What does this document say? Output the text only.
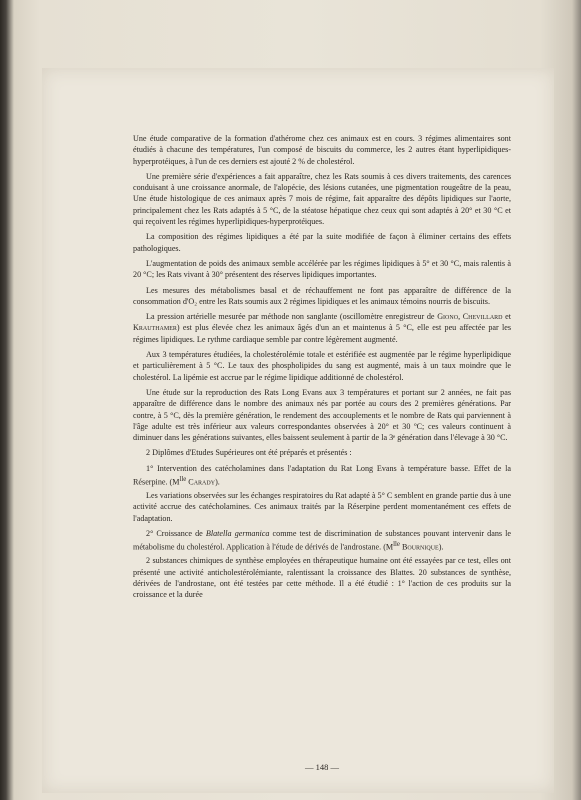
Une étude comparative de la formation d'athérome chez ces animaux est en cours. 3 régimes alimentaires sont étudiés à chacune des températures, l'un composé de biscuits du commerce, les 2 autres étant hyperlipidiques-hyperprotéiques, à l'un de ces derniers est ajouté 2 % de cholestérol.

Une première série d'expériences a fait apparaître, chez les Rats soumis à ces divers traitements, des carences conduisant à une croissance anormale, de l'alopécie, des lésions cutanées, une pigmentation rougeâtre de la peau, Une étude histologique de ces animaux après 7 mois de régime, fait apparaître des dépôts lipidiques sur l'aorte, principalement chez les Rats adaptés à 5 °C, de la stéatose hépatique chez ceux qui sont adaptés à 20° et 30 °C et qui reçoivent les régimes hyperlipidiques-hyperprotéiques.

La composition des régimes lipidiques a été par la suite modifiée de façon à éliminer certains des effets pathologiques.

L'augmentation de poids des animaux semble accélérée par les régimes lipidiques à 5° et 30 °C, mais ralentis à 20 °C; les Rats vivant à 30° présentent des réserves lipidiques importantes.

Les mesures des métabolismes basal et de réchauffement ne font pas apparaître de différence de la consommation d'O₂ entre les Rats soumis aux 2 régimes lipidiques et les animaux témoins nourris de biscuits.

La pression artérielle mesurée par méthode non sanglante (oscillomètre enregistreur de Giono, Chevillard et Krauthamer) est plus élevée chez les animaux âgés d'un an et maintenus à 5 °C, elle est peu affectée par les régimes lipidiques. Le rythme cardiaque semble par contre légèrement augmenté.

Aux 3 températures étudiées, la cholestérolémie totale et estérifiée est augmentée par le régime hyperlipidique et particulièrement à 5 °C. Le taux des phospholipides du sang est augmenté, mais à un taux moindre que le cholestérol. La lipémie est accrue par le régime lipidique additionné de cholestérol.

Une étude sur la reproduction des Rats Long Evans aux 3 températures et portant sur 2 années, ne fait pas apparaître de différence dans le nombre des animaux nés par portée au cours des 2 premières générations. Par contre, à 5 °C, dès la première génération, le rendement des accouplements et le nombre de Rats qui parviennent à l'âge adulte est très inférieur aux valeurs correspondantes observées à 20° et 30 ºC; ces valeurs continuent à diminuer dans les générations suivantes, elles baissent seulement à partir de la 3ᵉ génération dans l'élevage à 30 °C.

2 Diplômes d'Etudes Supérieures ont été préparés et présentés :

1° Intervention des catécholamines dans l'adaptation du Rat Long Evans à température basse. Effet de la Réserpine. ($M^{lle}$ Carady).

Les variations observées sur les échanges respiratoires du Rat adapté à 5° C semblent en grande partie dus à une activité accrue des catécholamines. Ces animaux traités par la Réserpine perdent momentanément ces effets de l'adaptation.

2° Croissance de Blatella germanica comme test de discrimination de substances pouvant intervenir dans le métabolisme du cholestérol. Application à l'étude de dérivés de l'androstane. ($M^{lle}$ Bournique).

2 substances chimiques de synthèse employées en thérapeutique humaine ont été essayées par ce test, elles ont présenté une activité anticholestérolémiante, ralentissant la croissance des Blattes. 20 substances de synthèse, dérivées de l'androstane, ont été testées par cette méthode. Il a été étudié : 1° l'action de ces produits sur la croissance et la durée

— 148 —
